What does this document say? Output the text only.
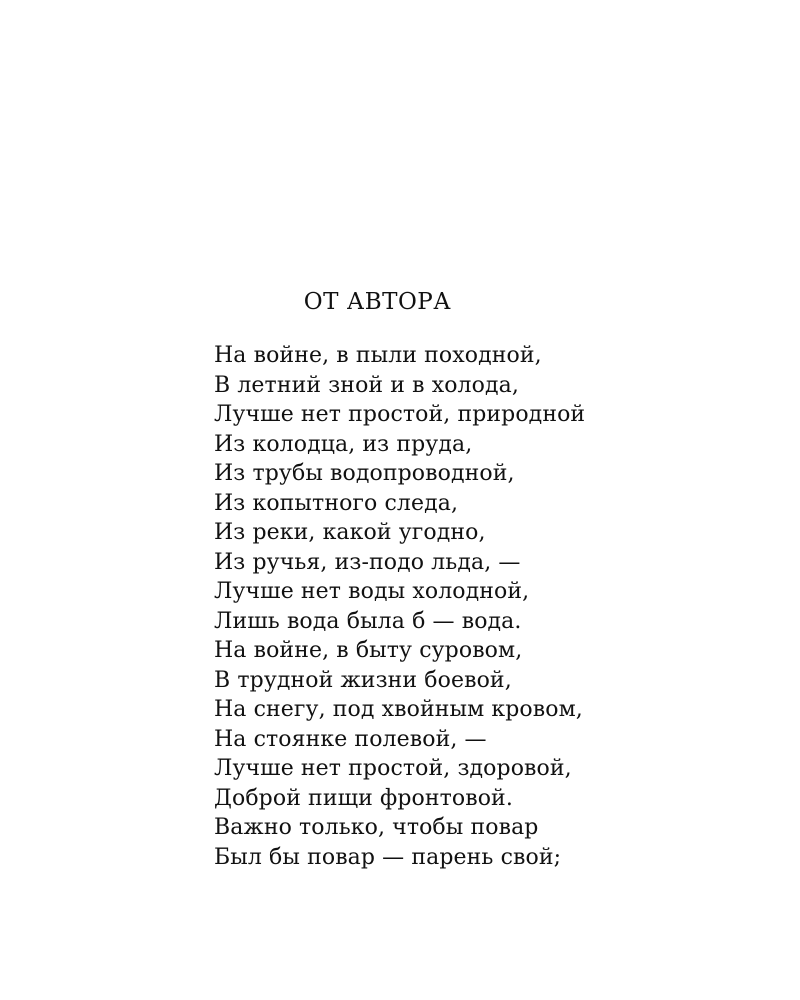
ОТ АВТОРА
На войне, в пыли походной,
В летний зной и в холода,
Лучше нет простой, природной
Из колодца, из пруда,
Из трубы водопроводной,
Из копытного следа,
Из реки, какой угодно,
Из ручья, из-подо льда, —
Лучше нет воды холодной,
Лишь вода была б — вода.
На войне, в быту суровом,
В трудной жизни боевой,
На снегу, под хвойным кровом,
На стоянке полевой, —
Лучше нет простой, здоровой,
Доброй пищи фронтовой.
Важно только, чтобы повар
Был бы повар — парень свой;
